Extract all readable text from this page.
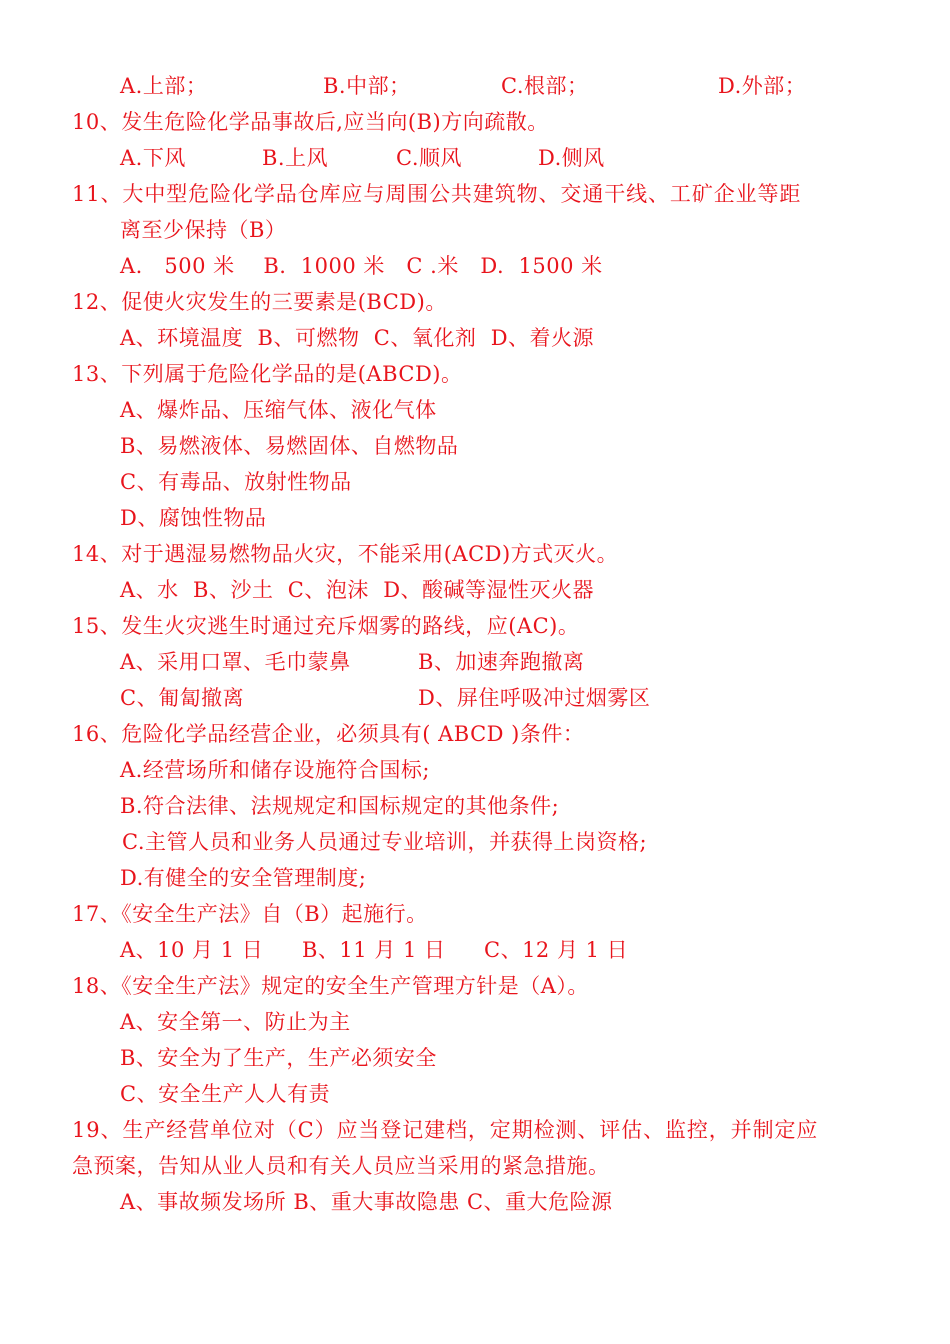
A.上部；	B.中部；	C.根部；	D.外部；
10、发生危险化学品事故后,应当向(B)方向疏散。
A.下风	B.上风	C.顺风	D.侧风
11、大中型危险化学品仓库应与周围公共建筑物、交通干线、工矿企业等距
离至少保持（B）
A.   500 米    B.  1000 米   C .米   D.  1500 米
12、促使火灾发生的三要素是(BCD)。
A、环境温度  B、可燃物  C、氧化剂  D、着火源
13、下列属于危险化学品的是(ABCD)。
A、爆炸品、压缩气体、液化气体
B、易燃液体、易燃固体、自燃物品
C、有毒品、放射性物品
D、腐蚀性物品
14、对于遇湿易燃物品火灾，不能采用(ACD)方式灭火。
A、水  B、沙土  C、泡沫  D、酸碱等湿性灭火器
15、发生火灾逃生时通过充斥烟雾的路线，应(AC)。
A、采用口罩、毛巾蒙鼻	B、加速奔跑撤离
C、匍匐撤离	D、屏住呼吸冲过烟雾区
16、危险化学品经营企业，必须具有( ABCD )条件：
A.经营场所和储存设施符合国标;
B.符合法律、法规规定和国标规定的其他条件;
C.主管人员和业务人员通过专业培训，并获得上岗资格;
D.有健全的安全管理制度;
17、《安全生产法》自（B）起施行。
A、10 月 1 日 B、11 月 1 日 C、12 月 1 日
18、《安全生产法》规定的安全生产管理方针是（A）。
A、安全第一、防止为主
B、安全为了生产，生产必须安全
C、安全生产人人有责
19、生产经营单位对（C）应当登记建档，定期检测、评估、监控，并制定应
急预案，告知从业人员和有关人员应当采用的紧急措施。
A、事故频发场所 B、重大事故隐患 C、重大危险源
